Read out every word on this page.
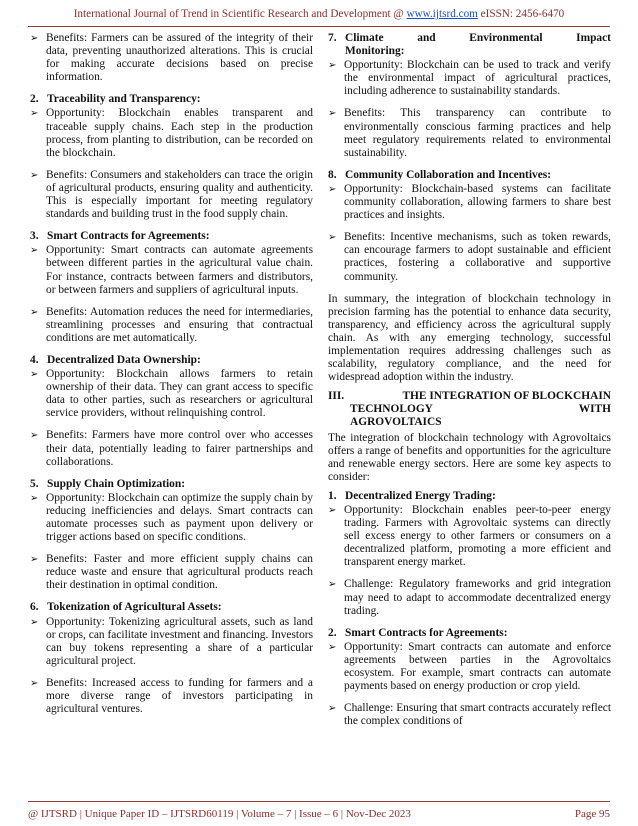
International Journal of Trend in Scientific Research and Development @ www.ijtsrd.com eISSN: 2456-6470
➢ Benefits: Farmers can be assured of the integrity of their data, preventing unauthorized alterations. This is crucial for making accurate decisions based on precise information.
2. Traceability and Transparency:
➢ Opportunity: Blockchain enables transparent and traceable supply chains. Each step in the production process, from planting to distribution, can be recorded on the blockchain.
➢ Benefits: Consumers and stakeholders can trace the origin of agricultural products, ensuring quality and authenticity. This is especially important for meeting regulatory standards and building trust in the food supply chain.
3. Smart Contracts for Agreements:
➢ Opportunity: Smart contracts can automate agreements between different parties in the agricultural value chain. For instance, contracts between farmers and distributors, or between farmers and suppliers of agricultural inputs.
➢ Benefits: Automation reduces the need for intermediaries, streamlining processes and ensuring that contractual conditions are met automatically.
4. Decentralized Data Ownership:
➢ Opportunity: Blockchain allows farmers to retain ownership of their data. They can grant access to specific data to other parties, such as researchers or agricultural service providers, without relinquishing control.
➢ Benefits: Farmers have more control over who accesses their data, potentially leading to fairer partnerships and collaborations.
5. Supply Chain Optimization:
➢ Opportunity: Blockchain can optimize the supply chain by reducing inefficiencies and delays. Smart contracts can automate processes such as payment upon delivery or trigger actions based on specific conditions.
➢ Benefits: Faster and more efficient supply chains can reduce waste and ensure that agricultural products reach their destination in optimal condition.
6. Tokenization of Agricultural Assets:
➢ Opportunity: Tokenizing agricultural assets, such as land or crops, can facilitate investment and financing. Investors can buy tokens representing a share of a particular agricultural project.
➢ Benefits: Increased access to funding for farmers and a more diverse range of investors participating in agricultural ventures.
7. Climate	and	Environmental	Impact
Monitoring:
➢ Opportunity: Blockchain can be used to track and verify the environmental impact of agricultural practices, including adherence to sustainability standards.
➢ Benefits: This transparency can contribute to environmentally conscious farming practices and help meet regulatory requirements related to environmental sustainability.
8. Community Collaboration and Incentives:
➢ Opportunity: Blockchain-based systems can facilitate community collaboration, allowing farmers to share best practices and insights.
➢ Benefits: Incentive mechanisms, such as token rewards, can encourage farmers to adopt sustainable and efficient practices, fostering a collaborative and supportive community.
In summary, the integration of blockchain technology in precision farming has the potential to enhance data security, transparency, and efficiency across the agricultural supply chain. As with any emerging technology, successful implementation requires addressing challenges such as scalability, regulatory compliance, and the need for widespread adoption within the industry.
III.	THE INTEGRATION OF BLOCKCHAIN
TECHNOLOGY	WITH
AGROVOLTAICS
The integration of blockchain technology with Agrovoltaics offers a range of benefits and opportunities for the agriculture and renewable energy sectors. Here are some key aspects to consider:
1. Decentralized Energy Trading:
➢ Opportunity: Blockchain enables peer-to-peer energy trading. Farmers with Agrovoltaic systems can directly sell excess energy to other farmers or consumers on a decentralized platform, promoting a more efficient and transparent energy market.
➢ Challenge: Regulatory frameworks and grid integration may need to adapt to accommodate decentralized energy trading.
2. Smart Contracts for Agreements:
➢ Opportunity: Smart contracts can automate and enforce agreements between parties in the Agrovoltaics ecosystem. For example, smart contracts can automate payments based on energy production or crop yield.
➢ Challenge: Ensuring that smart contracts accurately reflect the complex conditions of
@ IJTSRD | Unique Paper ID – IJTSRD60119 | Volume – 7 | Issue – 6 | Nov-Dec 2023	Page 95
